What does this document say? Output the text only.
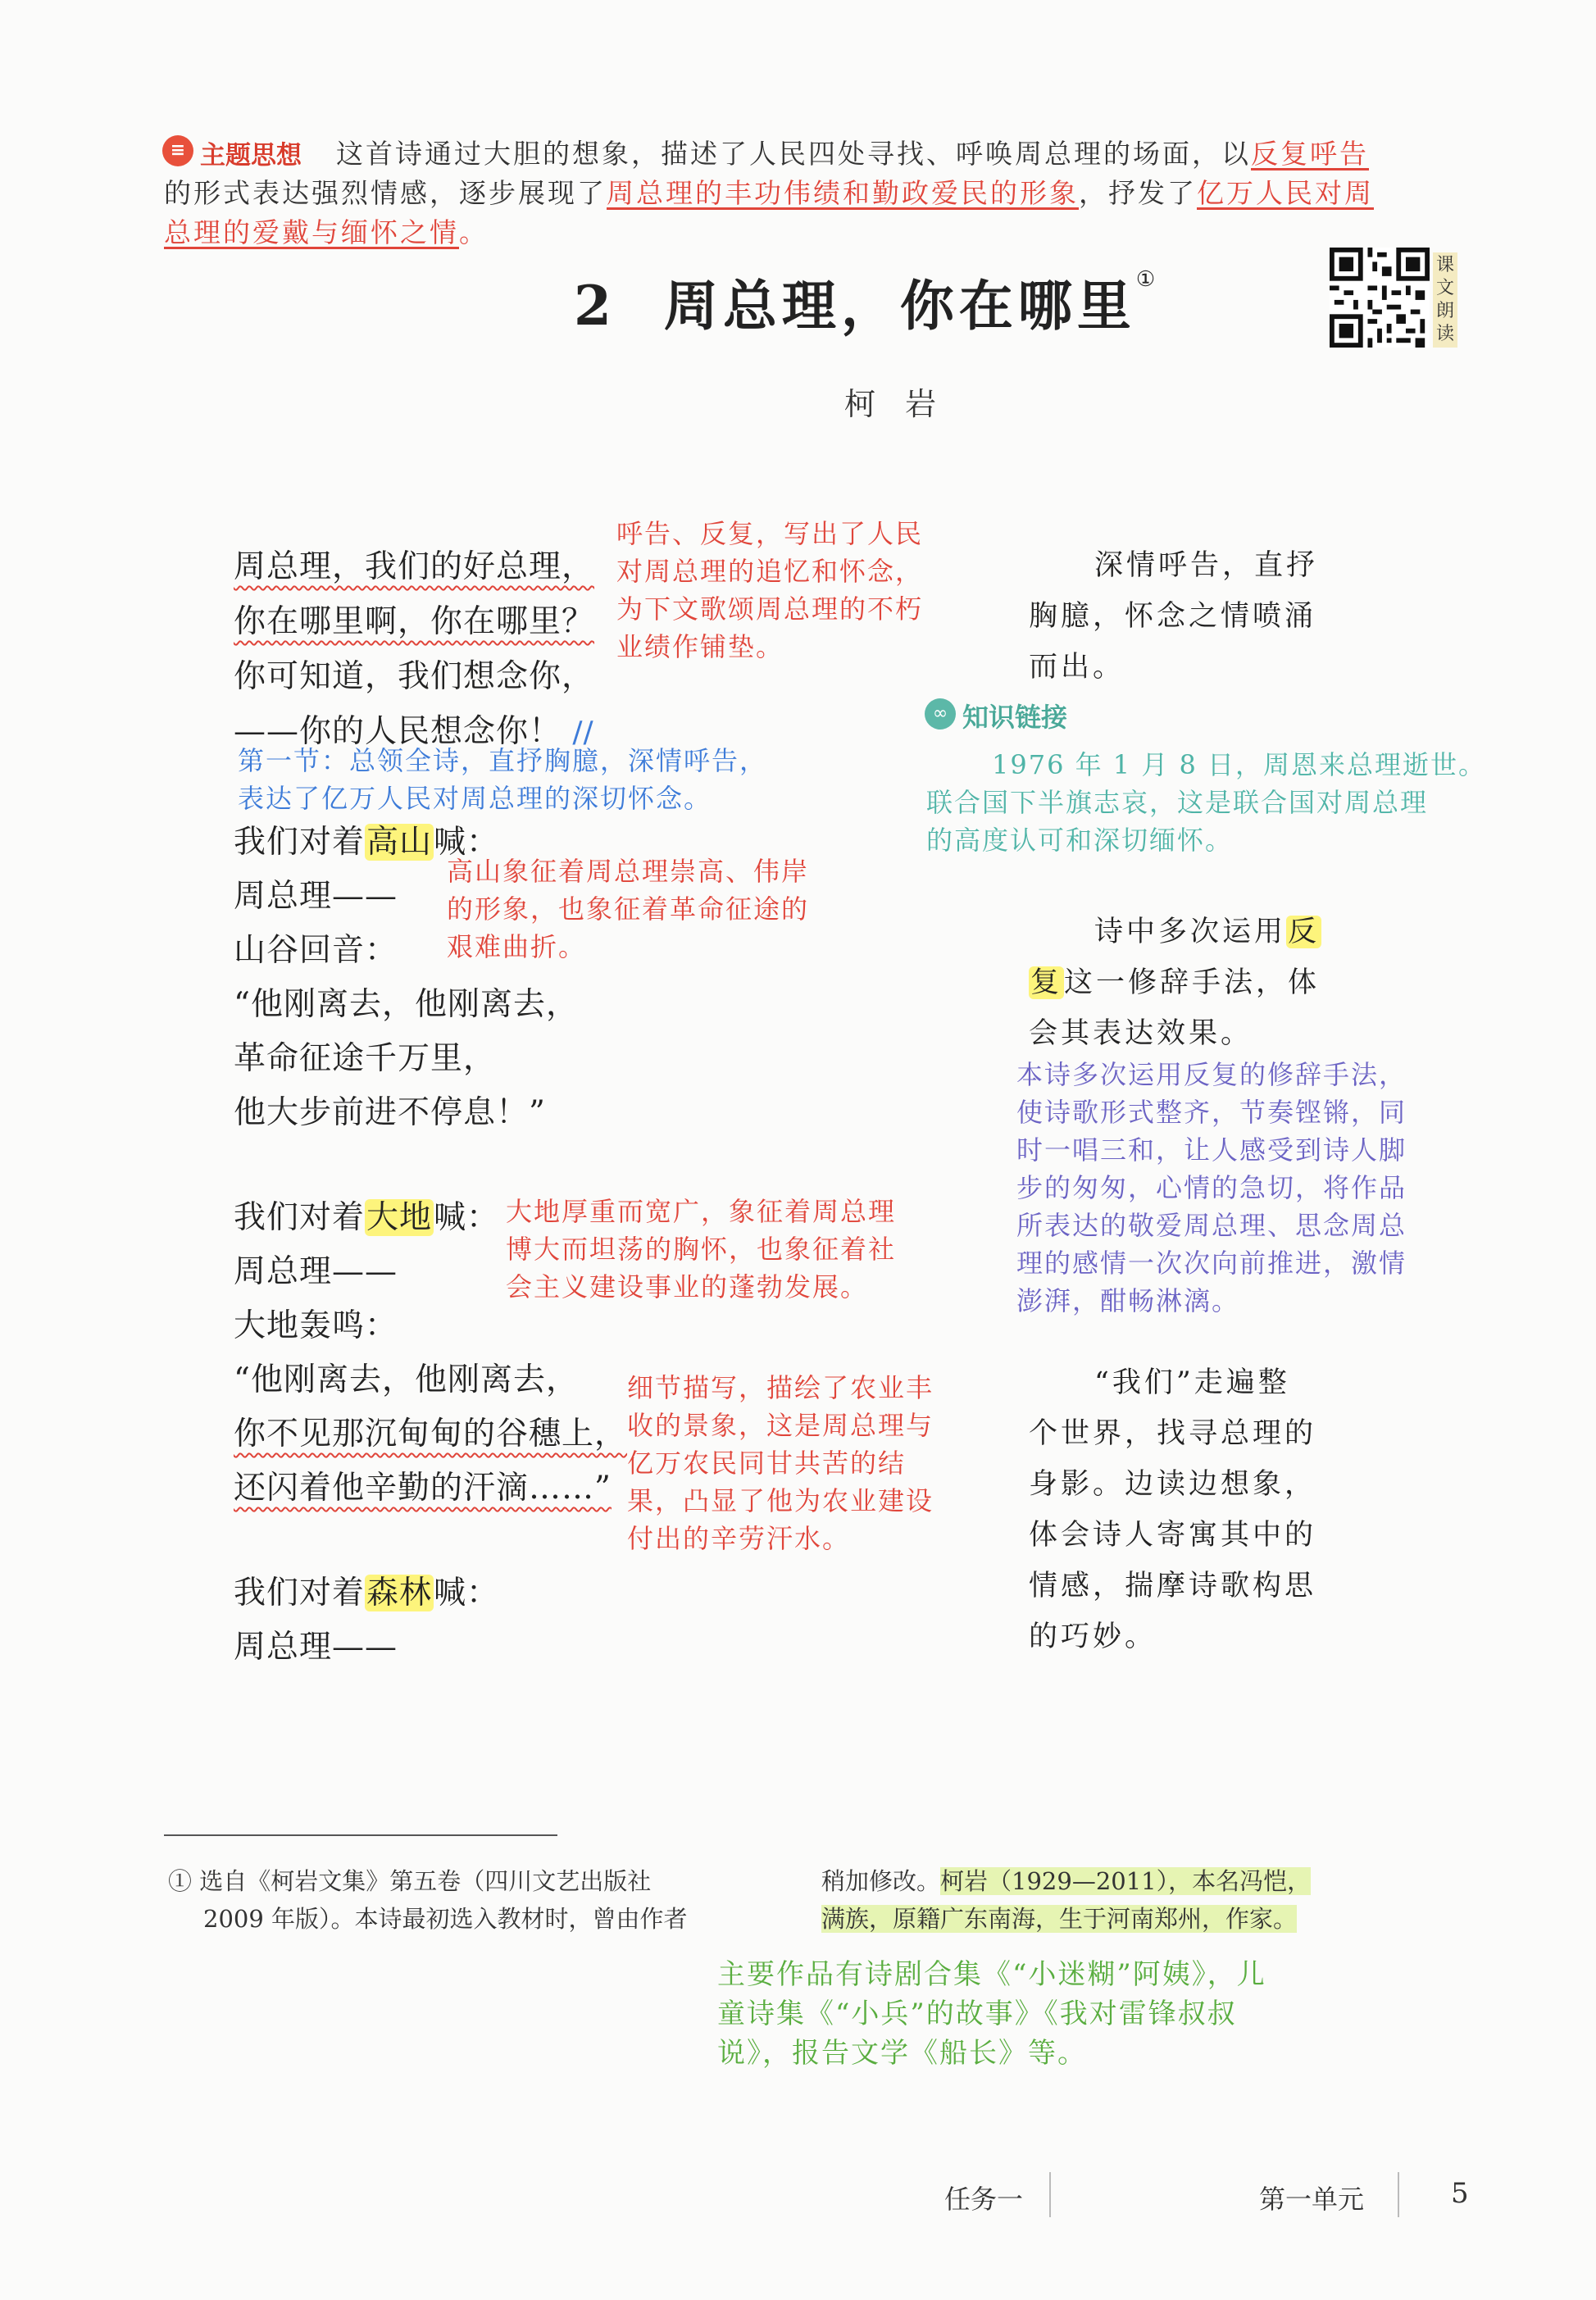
≡ 主题思想 这首诗通过大胆的想象，描述了人民四处寻找、呼唤周总理的场面，以反复呼告
的形式表达强烈情感，逐步展现了周总理的丰功伟绩和勤政爱民的形象，抒发了亿万人民对周
总理的爱戴与缅怀之情。
2 周总理，你在哪里①
柯岩
课
文
朗
读
周总理，我们的好总理，
你在哪里啊，你在哪里？
你可知道，我们想念你，
——你的人民想念你！ //
我们对着高山喊：
周总理——
山谷回音：
“他刚离去，他刚离去，
革命征途千万里，
他大步前进不停息！”
我们对着大地喊：
周总理——
大地轰鸣：
“他刚离去，他刚离去，
你不见那沉甸甸的谷穗上，
还闪着他辛勤的汗滴……”
我们对着森林喊：
周总理——
呼告、反复，写出了人民
对周总理的追忆和怀念，
为下文歌颂周总理的不朽
业绩作铺垫。
第一节：总领全诗，直抒胸臆，深情呼告，
表达了亿万人民对周总理的深切怀念。
高山象征着周总理崇高、伟岸
的形象，也象征着革命征途的
艰难曲折。
大地厚重而宽广，象征着周总理
博大而坦荡的胸怀，也象征着社
会主义建设事业的蓬勃发展。
细节描写，描绘了农业丰
收的景象，这是周总理与
亿万农民同甘共苦的结
果，凸显了他为农业建设
付出的辛劳汗水。
深情呼告，直抒
胸臆，怀念之情喷涌
而出。
∞ 知识链接
1976 年 1 月 8 日，周恩来总理逝世。
联合国下半旗志哀，这是联合国对周总理
的高度认可和深切缅怀。
诗中多次运用反
复这一修辞手法，体
会其表达效果。
本诗多次运用反复的修辞手法，
使诗歌形式整齐，节奏铿锵，同
时一唱三和，让人感受到诗人脚
步的匆匆，心情的急切，将作品
所表达的敬爱周总理、思念周总
理的感情一次次向前推进，激情
澎湃，酣畅淋漓。
“我们”走遍整
个世界，找寻总理的
身影。边读边想象，
体会诗人寄寓其中的
情感，揣摩诗歌构思
的巧妙。
① 选自《柯岩文集》第五卷（四川文艺出版社
2009 年版）。本诗最初选入教材时，曾由作者
稍加修改。柯岩（1929—2011），本名冯恺，
满族，原籍广东南海，生于河南郑州，作家。
主要作品有诗剧合集《“小迷糊”阿姨》，儿
童诗集《“小兵”的故事》《我对雷锋叔叔
说》，报告文学《船长》等。
任务一	第一单元	5
